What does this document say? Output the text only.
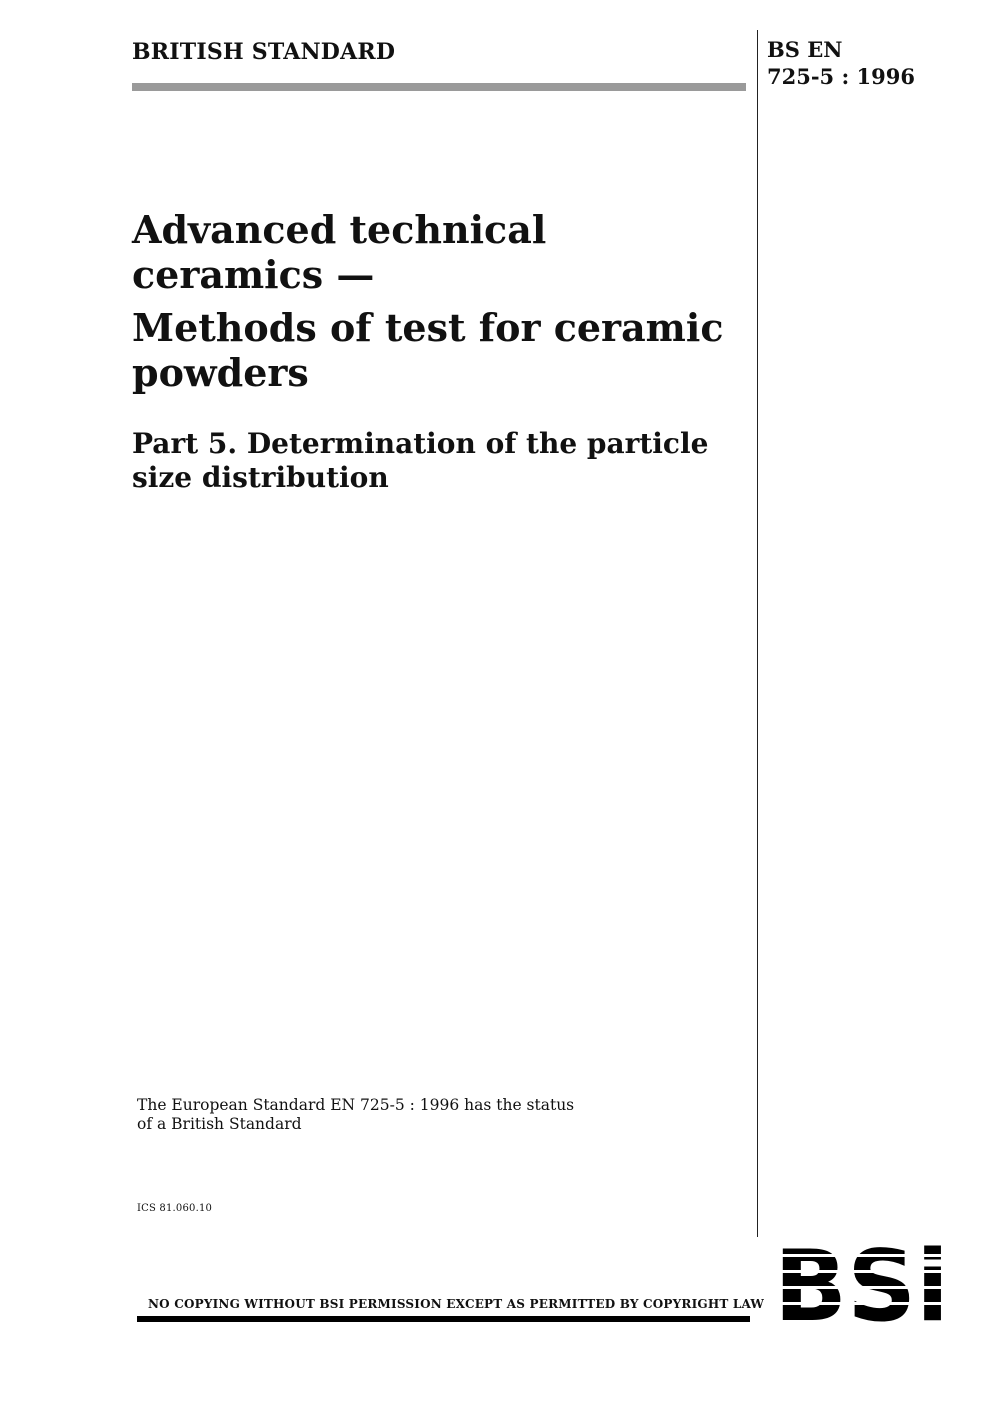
BRITISH STANDARD	BS EN
725-5 : 1996
Advanced technical ceramics —
Methods of test for ceramic powders
Part 5. Determination of the particle size distribution
The European Standard EN 725-5 : 1996 has the status of a British Standard
ICS 81.060.10
NO COPYING WITHOUT BSI PERMISSION EXCEPT AS PERMITTED BY COPYRIGHT LAW
